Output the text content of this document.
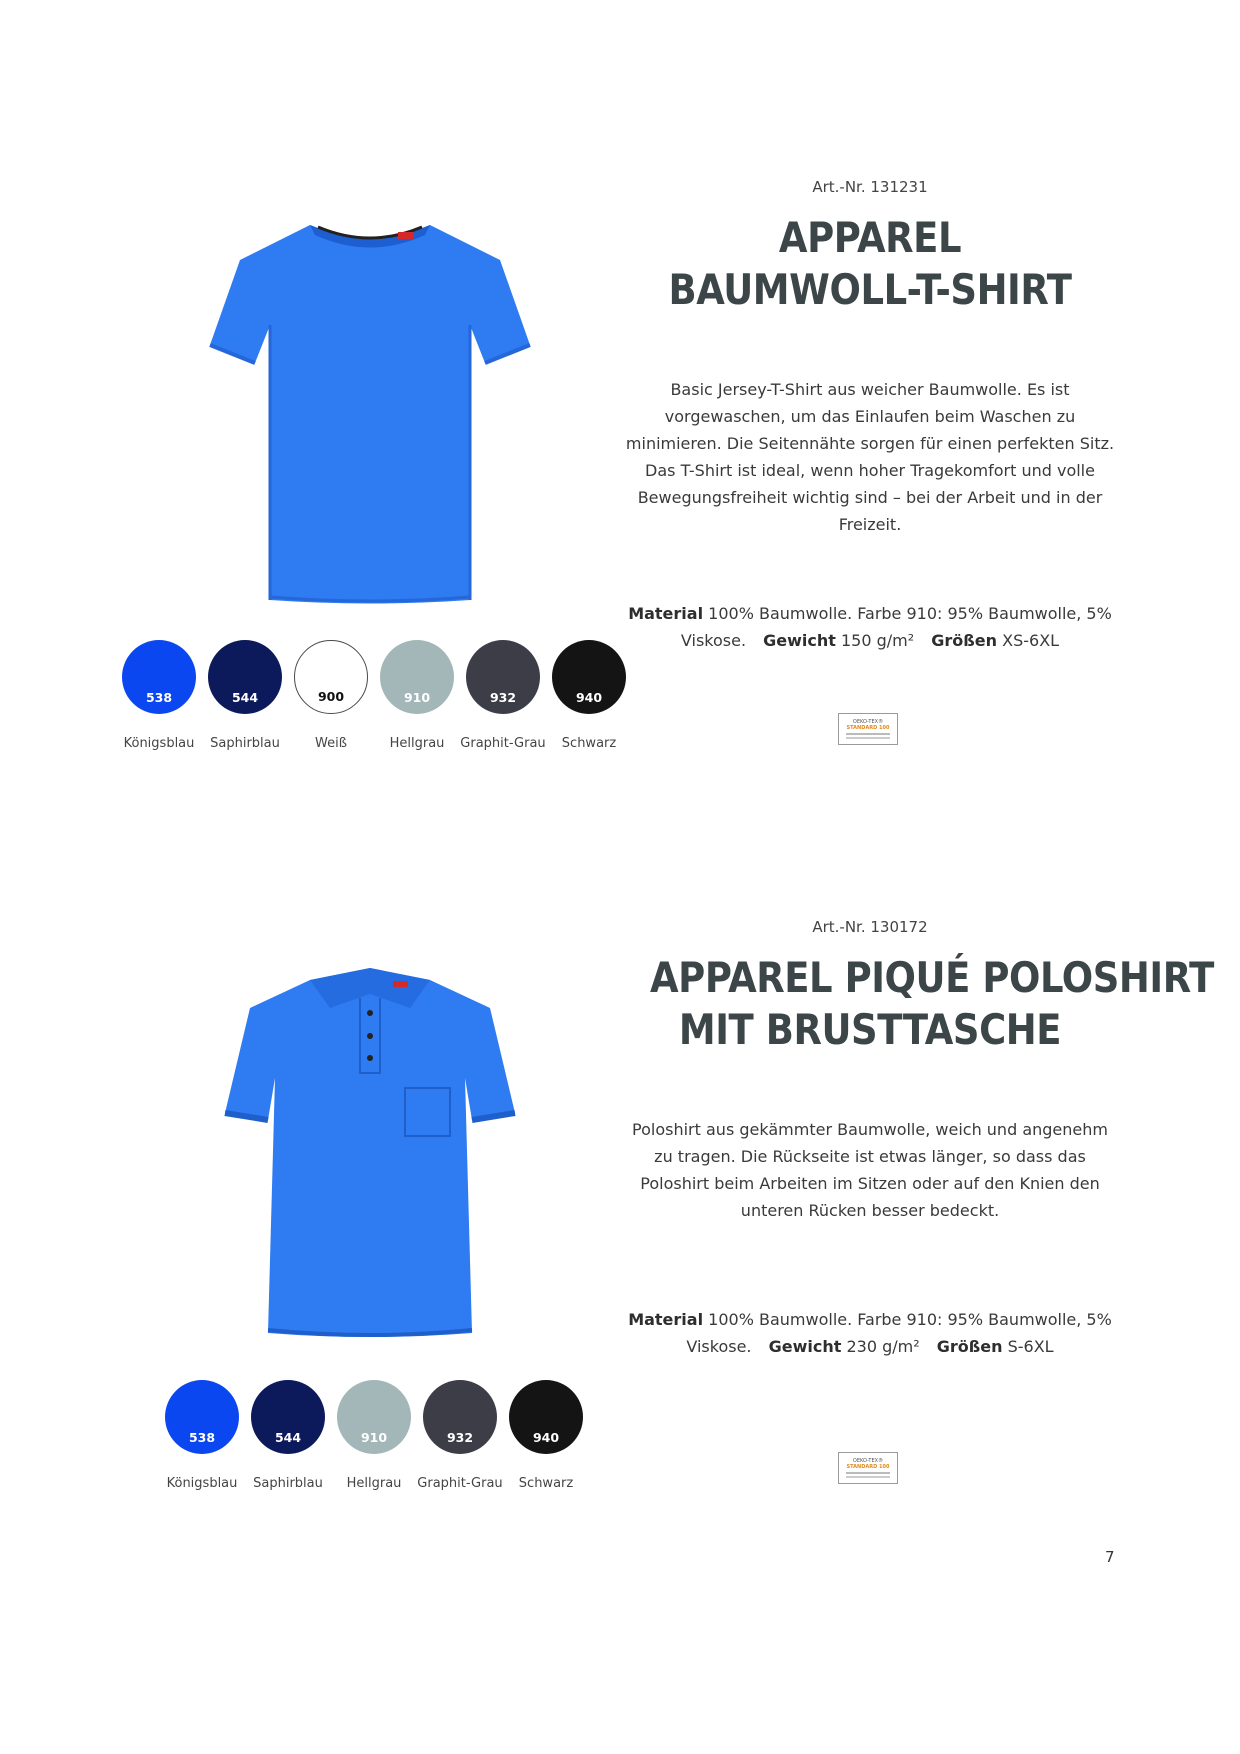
538
Königsblau
544
Saphirblau
900
Weiß
910
Hellgrau
932
Graphit-Grau
940
Schwarz

Art.-Nr. 131231

APPAREL
BAUMWOLL-T-SHIRT

Basic Jersey-T-Shirt aus weicher Baumwolle. Es ist vorgewaschen, um das Einlaufen beim Waschen zu minimieren. Die Seitennähte sorgen für einen perfekten Sitz. Das T-Shirt ist ideal, wenn hoher Tragekomfort und volle Bewegungsfreiheit wichtig sind – bei der Arbeit und in der Freizeit.

Material 100% Baumwolle. Farbe 910: 95% Baumwolle, 5% Viskose. Gewicht 150 g/m² Größen XS-6XL

OEKO-TEX®
STANDARD 100
538
Königsblau
544
Saphirblau
910
Hellgrau
932
Graphit-Grau
940
Schwarz

Art.-Nr. 130172

APPAREL PIQUÉ POLOSHIRT
MIT BRUSTTASCHE

Poloshirt aus gekämmter Baumwolle, weich und angenehm zu tragen. Die Rückseite ist etwas länger, so dass das Poloshirt beim Arbeiten im Sitzen oder auf den Knien den unteren Rücken besser bedeckt.

Material 100% Baumwolle. Farbe 910: 95% Baumwolle, 5% Viskose. Gewicht 230 g/m² Größen S-6XL

OEKO-TEX®
STANDARD 100
7
